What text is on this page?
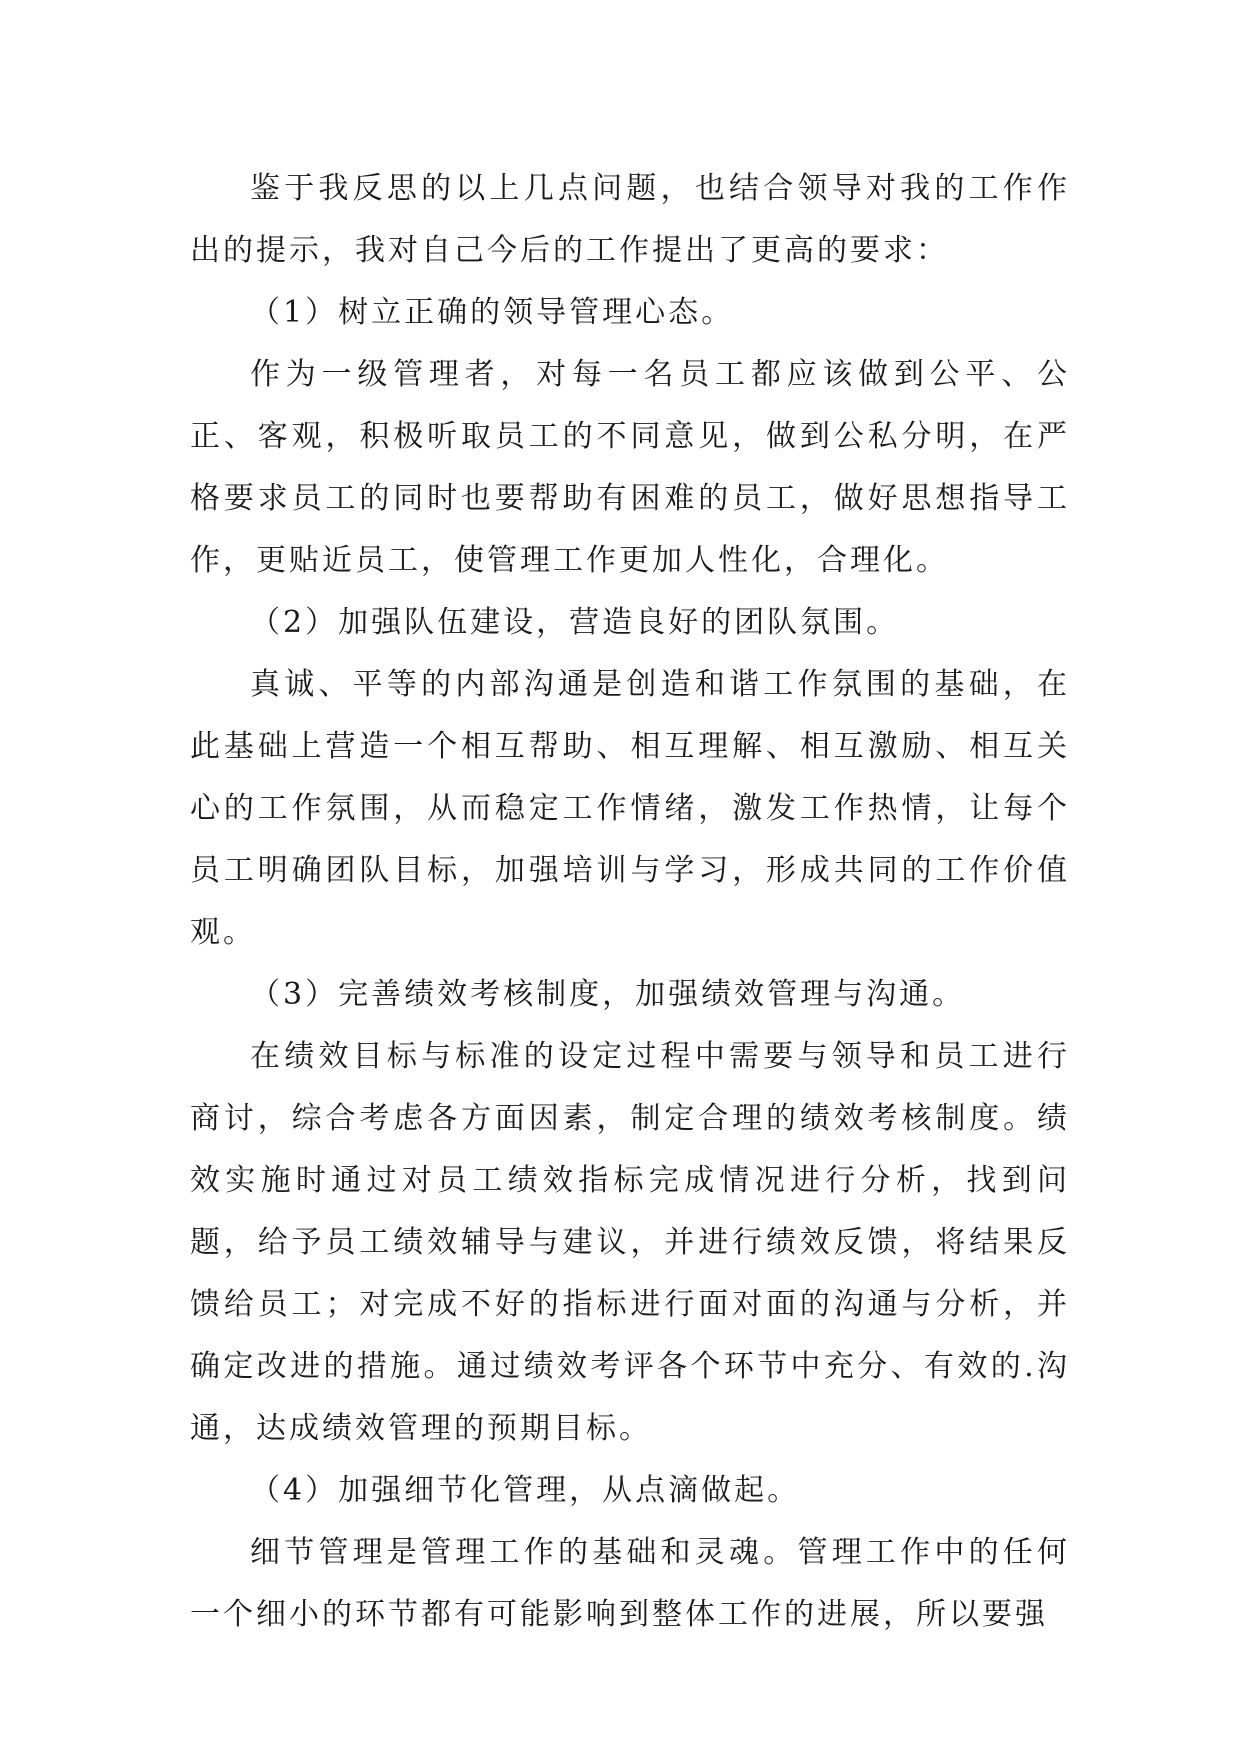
鉴于我反思的以上几点问题，也结合领导对我的工作作出的提示，我对自己今后的工作提出了更高的要求：

（1）树立正确的领导管理心态。

作为一级管理者，对每一名员工都应该做到公平、公正、客观，积极听取员工的不同意见，做到公私分明，在严格要求员工的同时也要帮助有困难的员工，做好思想指导工作，更贴近员工，使管理工作更加人性化，合理化。

（2）加强队伍建设，营造良好的团队氛围。

真诚、平等的内部沟通是创造和谐工作氛围的基础，在此基础上营造一个相互帮助、相互理解、相互激励、相互关心的工作氛围，从而稳定工作情绪，激发工作热情，让每个员工明确团队目标，加强培训与学习，形成共同的工作价值观。

（3）完善绩效考核制度，加强绩效管理与沟通。

在绩效目标与标准的设定过程中需要与领导和员工进行商讨，综合考虑各方面因素，制定合理的绩效考核制度。绩效实施时通过对员工绩效指标完成情况进行分析，找到问题，给予员工绩效辅导与建议，并进行绩效反馈，将结果反馈给员工；对完成不好的指标进行面对面的沟通与分析，并确定改进的措施。通过绩效考评各个环节中充分、有效的.沟通，达成绩效管理的预期目标。

（4）加强细节化管理，从点滴做起。

细节管理是管理工作的基础和灵魂。管理工作中的任何一个细小的环节都有可能影响到整体工作的进展，所以要强
